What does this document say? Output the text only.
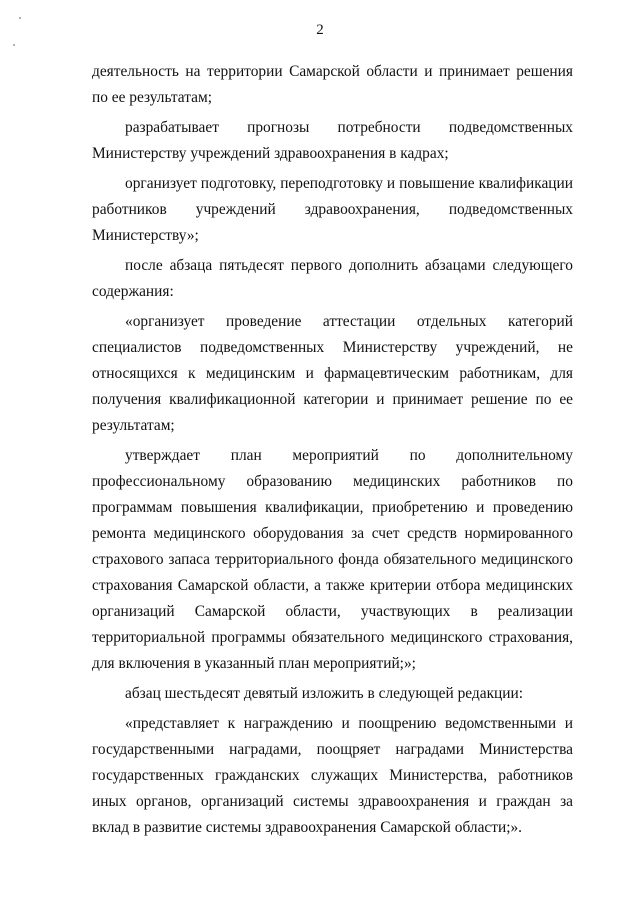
2

деятельность на территории Самарской области и принимает решения по ее результатам;

разрабатывает прогнозы потребности подведомственных Министерству учреждений здравоохранения в кадрах;

организует подготовку, переподготовку и повышение квалификации работников учреждений здравоохранения, подведомственных Министерству»;

после абзаца пятьдесят первого дополнить абзацами следующего содержания:

«организует проведение аттестации отдельных категорий специалистов подведомственных Министерству учреждений, не относящихся к медицинским и фармацевтическим работникам, для получения квалификационной категории и принимает решение по ее результатам;

утверждает план мероприятий по дополнительному профессиональному образованию медицинских работников по программам повышения квалификации, приобретению и проведению ремонта медицинского оборудования за счет средств нормированного страхового запаса территориального фонда обязательного медицинского страхования Самарской области, а также критерии отбора медицинских организаций Самарской области, участвующих в реализации территориальной программы обязательного медицинского страхования, для включения в указанный план мероприятий;»;

абзац шестьдесят девятый изложить в следующей редакции:

«представляет к награждению и поощрению ведомственными и государственными наградами, поощряет наградами Министерства государственных гражданских служащих Министерства, работников иных органов, организаций системы здравоохранения и граждан за вклад в развитие системы здравоохранения Самарской области;».
